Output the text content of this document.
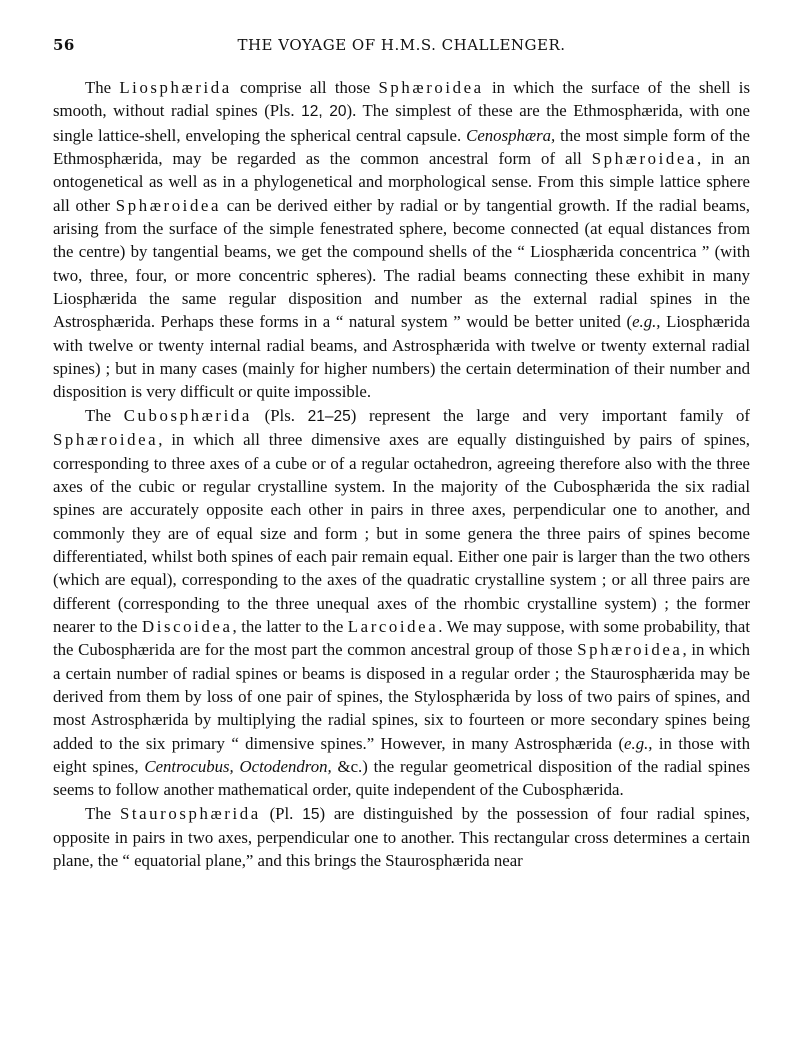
56	THE VOYAGE OF H.M.S. CHALLENGER.

The Liosphærida comprise all those Sphæroidea in which the surface of the shell is smooth, without radial spines (Pls. 12, 20). The simplest of these are the Ethmosphærida, with one single lattice-shell, enveloping the spherical central capsule. Cenosphæra, the most simple form of the Ethmosphærida, may be regarded as the common ancestral form of all Sphæroidea, in an ontogenetical as well as in a phylogenetical and morphological sense. From this simple lattice sphere all other Sphæroidea can be derived either by radial or by tangential growth. If the radial beams, arising from the surface of the simple fenestrated sphere, become connected (at equal distances from the centre) by tangential beams, we get the compound shells of the “ Liosphærida concentrica ” (with two, three, four, or more concentric spheres). The radial beams connecting these exhibit in many Liosphærida the same regular disposition and number as the external radial spines in the Astrosphærida. Perhaps these forms in a “ natural system ” would be better united (e.g., Liosphærida with twelve or twenty internal radial beams, and Astrosphærida with twelve or twenty external radial spines) ; but in many cases (mainly for higher numbers) the certain determination of their number and disposition is very difficult or quite impossible.

The Cubosphærida (Pls. 21–25) represent the large and very important family of Sphæroidea, in which all three dimensive axes are equally distinguished by pairs of spines, corresponding to three axes of a cube or of a regular octahedron, agreeing therefore also with the three axes of the cubic or regular crystalline system. In the majority of the Cubosphærida the six radial spines are accurately opposite each other in pairs in three axes, perpendicular one to another, and commonly they are of equal size and form ; but in some genera the three pairs of spines become differentiated, whilst both spines of each pair remain equal. Either one pair is larger than the two others (which are equal), corresponding to the axes of the quadratic crystalline system ; or all three pairs are different (corresponding to the three unequal axes of the rhombic crystalline system) ; the former nearer to the Discoidea, the latter to the Larcoidea. We may suppose, with some probability, that the Cubosphærida are for the most part the common ancestral group of those Sphæroidea, in which a certain number of radial spines or beams is disposed in a regular order ; the Staurosphærida may be derived from them by loss of one pair of spines, the Stylosphærida by loss of two pairs of spines, and most Astrosphærida by multiplying the radial spines, six to fourteen or more secondary spines being added to the six primary “ dimensive spines.” However, in many Astrosphærida (e.g., in those with eight spines, Centrocubus, Octodendron, &c.) the regular geometrical disposition of the radial spines seems to follow another mathematical order, quite independent of the Cubosphærida.

The Staurosphærida (Pl. 15) are distinguished by the possession of four radial spines, opposite in pairs in two axes, perpendicular one to another. This rectangular cross determines a certain plane, the “ equatorial plane,” and this brings the Staurosphærida near
